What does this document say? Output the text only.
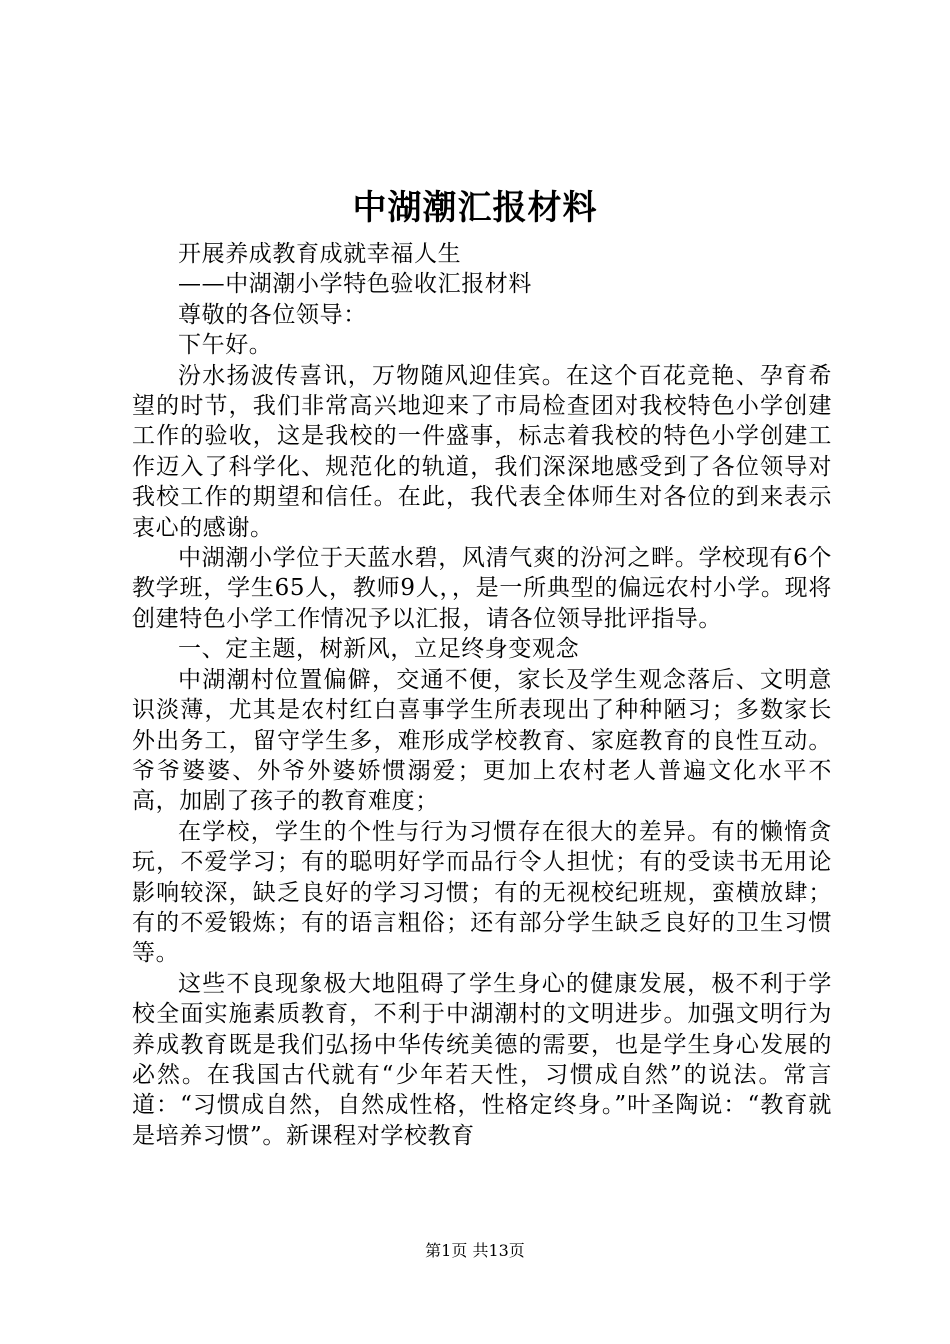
中湖潮汇报材料

开展养成教育成就幸福人生

——中湖潮小学特色验收汇报材料

尊敬的各位领导：

下午好。

汾水扬波传喜讯，万物随风迎佳宾。在这个百花竞艳、孕育希望的时节，我们非常高兴地迎来了市局检查团对我校特色小学创建工作的验收，这是我校的一件盛事，标志着我校的特色小学创建工作迈入了科学化、规范化的轨道，我们深深地感受到了各位领导对我校工作的期望和信任。在此，我代表全体师生对各位的到来表示衷心的感谢。

中湖潮小学位于天蓝水碧，风清气爽的汾河之畔。学校现有6个教学班，学生65人，教师9人，，是一所典型的偏远农村小学。现将创建特色小学工作情况予以汇报，请各位领导批评指导。

一、定主题，树新风，立足终身变观念

中湖潮村位置偏僻，交通不便，家长及学生观念落后、文明意识淡薄，尤其是农村红白喜事学生所表现出了种种陋习；多数家长外出务工，留守学生多，难形成学校教育、家庭教育的良性互动。爷爷婆婆、外爷外婆娇惯溺爱；更加上农村老人普遍文化水平不高，加剧了孩子的教育难度；

在学校，学生的个性与行为习惯存在很大的差异。有的懒惰贪玩，不爱学习；有的聪明好学而品行令人担忧；有的受读书无用论影响较深，缺乏良好的学习习惯；有的无视校纪班规，蛮横放肆；有的不爱锻炼；有的语言粗俗；还有部分学生缺乏良好的卫生习惯等。

这些不良现象极大地阻碍了学生身心的健康发展，极不利于学校全面实施素质教育，不利于中湖潮村的文明进步。加强文明行为养成教育既是我们弘扬中华传统美德的需要，也是学生身心发展的必然。在我国古代就有“少年若天性，习惯成自然”的说法。常言道：“习惯成自然，自然成性格，性格定终身。”叶圣陶说：“教育就是培养习惯”。新课程对学校教育

第1页 共13页
